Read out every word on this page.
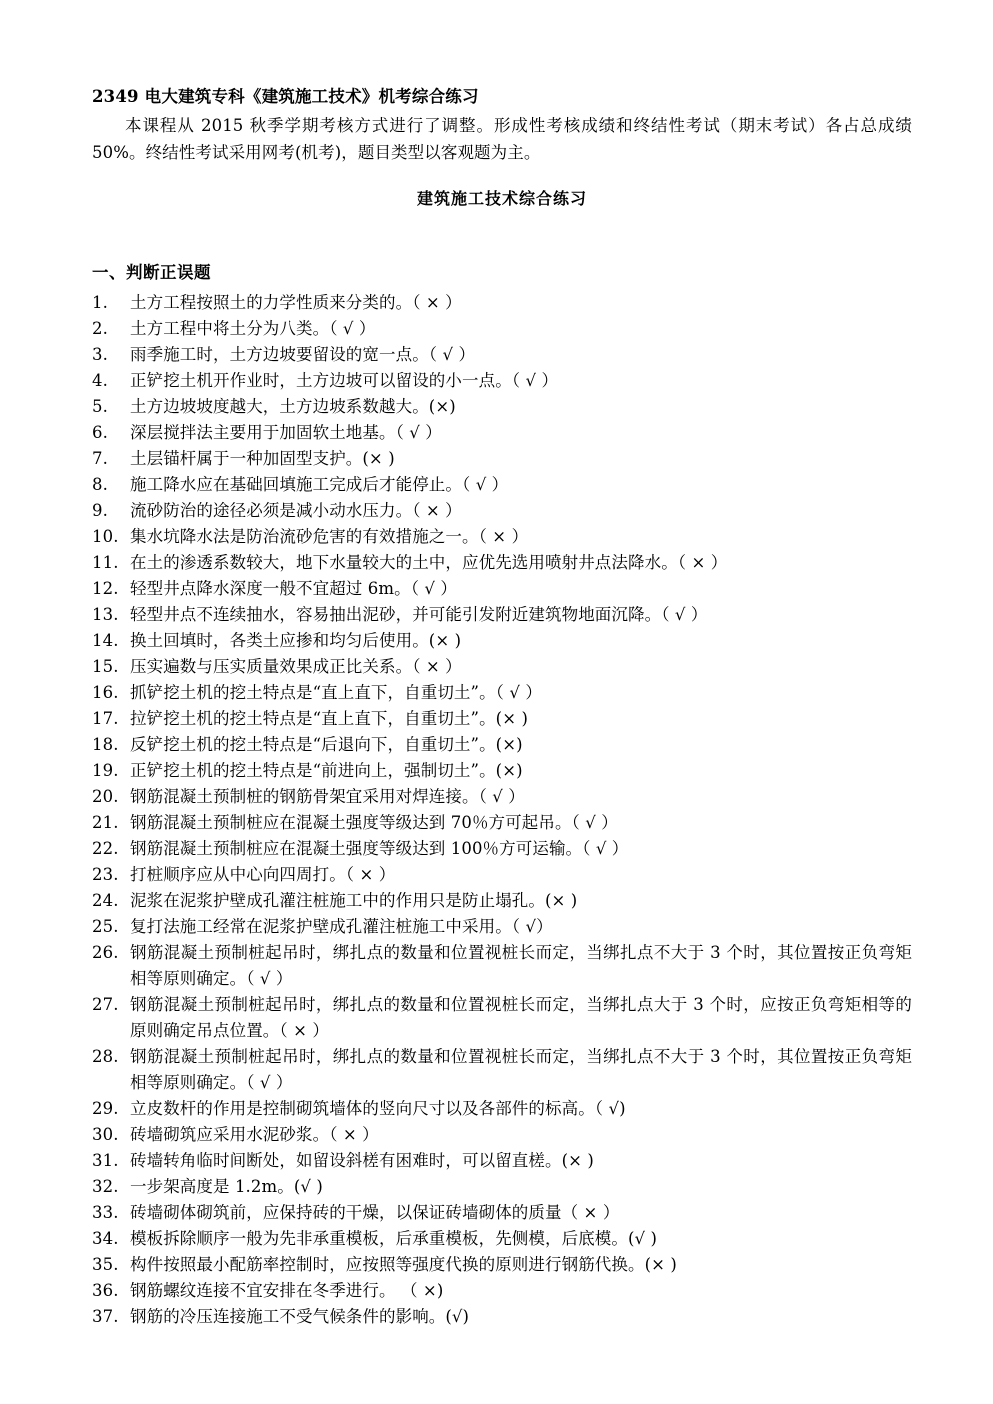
2349 电大建筑专科《建筑施工技术》机考综合练习

本课程从 2015 秋季学期考核方式进行了调整。形成性考核成绩和终结性考试（期末考试）各占总成绩 50%。终结性考试采用网考(机考)，题目类型以客观题为主。

建筑施工技术综合练习
一、判断正误题
1.	土方工程按照土的力学性质来分类的。（ × ）
2.	土方工程中将土分为八类。（ √ ）
3.	雨季施工时，土方边坡要留设的宽一点。（ √ ）
4.	正铲挖土机开作业时，土方边坡可以留设的小一点。（ √ ）
5.	土方边坡坡度越大，土方边坡系数越大。(×)
6.	深层搅拌法主要用于加固软土地基。（ √ ）
7.	土层锚杆属于一种加固型支护。(× )
8.	施工降水应在基础回填施工完成后才能停止。（ √ ）
9.	流砂防治的途径必须是减小动水压力。（ × ）
10. 集水坑降水法是防治流砂危害的有效措施之一。（ × ）
11. 在土的渗透系数较大，地下水量较大的土中，应优先选用喷射井点法降水。（ × ）
12. 轻型井点降水深度一般不宜超过 6m。（ √ ）
13. 轻型井点不连续抽水，容易抽出泥砂，并可能引发附近建筑物地面沉降。（ √ ）
14. 换土回填时，各类土应掺和均匀后使用。(× )
15. 压实遍数与压实质量效果成正比关系。（ × ）
16. 抓铲挖土机的挖土特点是“直上直下，自重切土”。（ √ ）
17. 拉铲挖土机的挖土特点是“直上直下，自重切土”。(× )
18. 反铲挖土机的挖土特点是“后退向下，自重切土”。(×)
19. 正铲挖土机的挖土特点是“前进向上，强制切土”。(×)
20. 钢筋混凝土预制桩的钢筋骨架宜采用对焊连接。（ √ ）
21. 钢筋混凝土预制桩应在混凝土强度等级达到 70％方可起吊。（ √ ）
22. 钢筋混凝土预制桩应在混凝土强度等级达到 100％方可运输。（ √ ）
23. 打桩顺序应从中心向四周打。（ × ）
24. 泥浆在泥浆护壁成孔灌注桩施工中的作用只是防止塌孔。(× )
25. 复打法施工经常在泥浆护壁成孔灌注桩施工中采用。（ √）
26. 钢筋混凝土预制桩起吊时，绑扎点的数量和位置视桩长而定，当绑扎点不大于 3 个时，其位置按正负弯矩相等原则确定。（ √ ）
27. 钢筋混凝土预制桩起吊时，绑扎点的数量和位置视桩长而定，当绑扎点大于 3 个时，应按正负弯矩相等的原则确定吊点位置。（ × ）
28. 钢筋混凝土预制桩起吊时，绑扎点的数量和位置视桩长而定，当绑扎点不大于 3 个时，其位置按正负弯矩相等原则确定。（ √ ）
29. 立皮数杆的作用是控制砌筑墙体的竖向尺寸以及各部件的标高。（ √)
30. 砖墙砌筑应采用水泥砂浆。（ × ）
31. 砖墙转角临时间断处，如留设斜槎有困难时，可以留直槎。(× )
32. 一步架高度是 1.2m。(√ )
33. 砖墙砌体砌筑前，应保持砖的干燥，以保证砖墙砌体的质量（ × ）
34. 模板拆除顺序一般为先非承重模板，后承重模板，先侧模，后底模。(√ )
35. 构件按照最小配筋率控制时，应按照等强度代换的原则进行钢筋代换。(× )
36. 钢筋螺纹连接不宜安排在冬季进行。 （ ×)
37. 钢筋的冷压连接施工不受气候条件的影响。(√)
